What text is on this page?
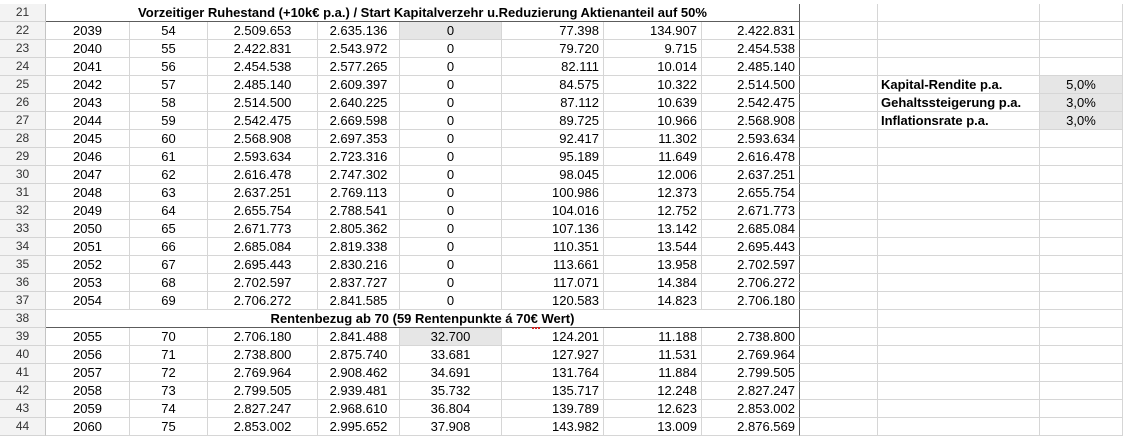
21	Vorzeitiger Ruhestand (+10k€ p.a.) / Start Kapitalverzehr u.Reduzierung Aktienanteil auf 50%
22	2039	54	2.509.653	2.635.136	0	77.398	134.907	2.422.831
23	2040	55	2.422.831	2.543.972	0	79.720	9.715	2.454.538
24	2041	56	2.454.538	2.577.265	0	82.111	10.014	2.485.140
25	2042	57	2.485.140	2.609.397	0	84.575	10.322	2.514.500	Kapital-Rendite p.a.	5,0%
26	2043	58	2.514.500	2.640.225	0	87.112	10.639	2.542.475	Gehaltssteigerung p.a.	3,0%
27	2044	59	2.542.475	2.669.598	0	89.725	10.966	2.568.908	Inflationsrate p.a.	3,0%
28	2045	60	2.568.908	2.697.353	0	92.417	11.302	2.593.634
29	2046	61	2.593.634	2.723.316	0	95.189	11.649	2.616.478
30	2047	62	2.616.478	2.747.302	0	98.045	12.006	2.637.251
31	2048	63	2.637.251	2.769.113	0	100.986	12.373	2.655.754
32	2049	64	2.655.754	2.788.541	0	104.016	12.752	2.671.773
33	2050	65	2.671.773	2.805.362	0	107.136	13.142	2.685.084
34	2051	66	2.685.084	2.819.338	0	110.351	13.544	2.695.443
35	2052	67	2.695.443	2.830.216	0	113.661	13.958	2.702.597
36	2053	68	2.702.597	2.837.727	0	117.071	14.384	2.706.272
37	2054	69	2.706.272	2.841.585	0	120.583	14.823	2.706.180
38	Rentenbezug ab 70 (59 Rentenpunkte á 70€ Wert)
39	2055	70	2.706.180	2.841.488	32.700	124.201	11.188	2.738.800
40	2056	71	2.738.800	2.875.740	33.681	127.927	11.531	2.769.964
41	2057	72	2.769.964	2.908.462	34.691	131.764	11.884	2.799.505
42	2058	73	2.799.505	2.939.481	35.732	135.717	12.248	2.827.247
43	2059	74	2.827.247	2.968.610	36.804	139.789	12.623	2.853.002
44	2060	75	2.853.002	2.995.652	37.908	143.982	13.009	2.876.569
